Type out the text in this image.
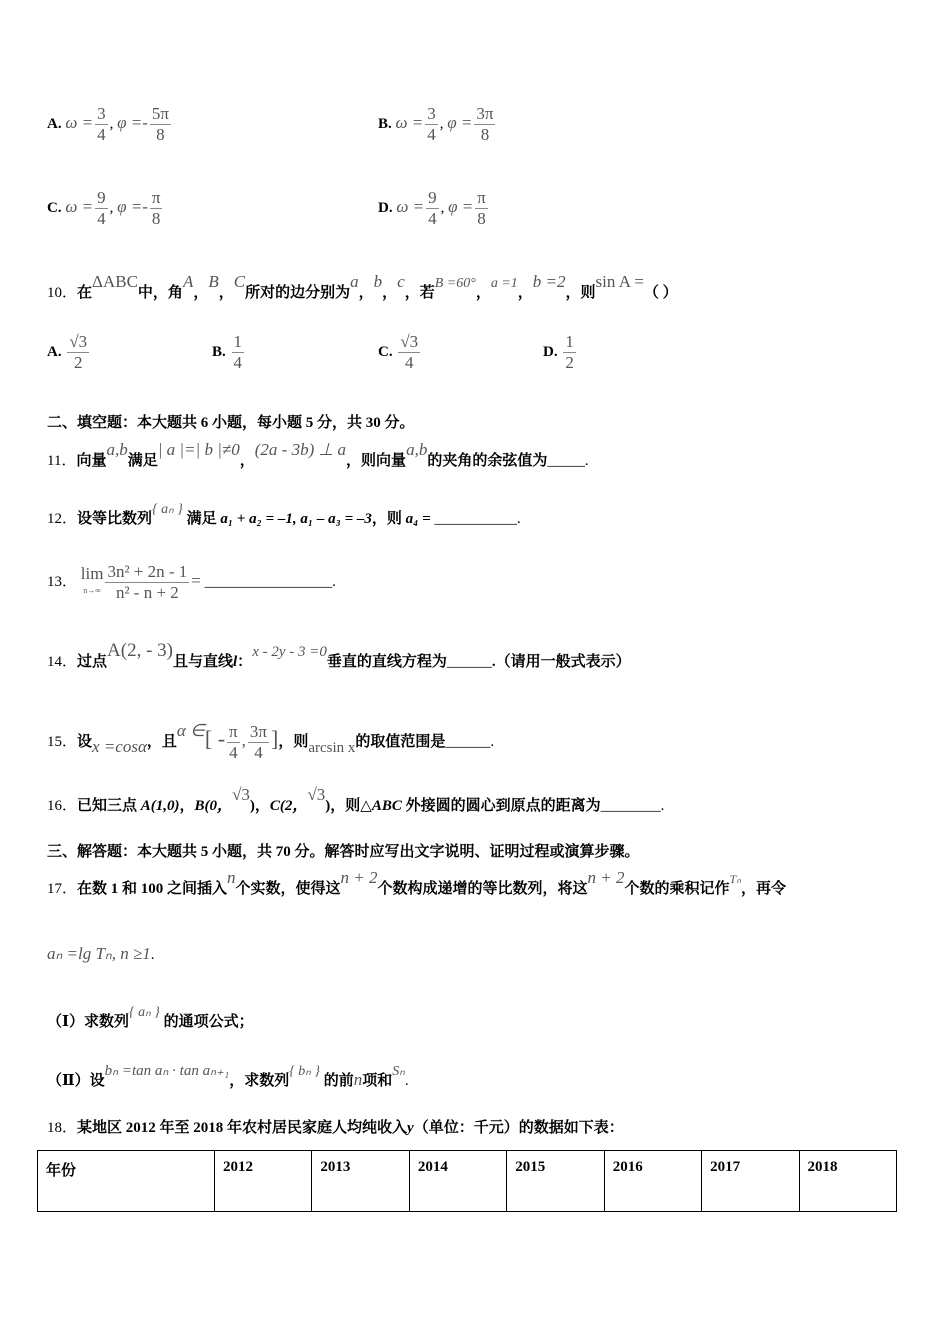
A. $\omega = \frac{3}{4}$ , $\varphi =- \frac{5\pi}{8}$	B. $\omega = \frac{3}{4}$ , $\varphi = \frac{3\pi}{8}$
C. $\omega = \frac{9}{4}$ , $\varphi =- \frac{\pi}{8}$	D. $\omega = \frac{9}{4}$ , $\varphi = \frac{\pi}{8}$
10．在ΔABC中，角A，B，C所对的边分别为a，b，c，若B =60°，a =1，b =2，则sin A =（ ）
A. $\frac{√3}{2}$	B. $\frac{1}{4}$	C. $\frac{√3}{4}$	D. $\frac{1}{2}$
二、填空题：本大题共 6 小题，每小题 5 分，共 30 分。
11．向量a,b满足| a |=| b |≠0，(2a - 3b) ⊥ a，则向量a,b的夹角的余弦值为_____.
12．设等比数列{ aₙ } 满足 a₁ + a₂ = –1, a₁ – a₃ = –3，则 a₄ = ___________.
13． lim
$n\to\infty \frac{\text{3n² + 2n - 1}}{\text{n² - n + 2}}$ = _________________.
14．过点A(2, - 3)且与直线l：x - 2y - 3 =0垂直的直线方程为______.（请用一般式表示）
15．设x =cosα，且α ∈[ - $\frac{\pi}{4}$ , $\frac{3\pi}{4}$ ]，则arcsin x的取值范围是______.
16．已知三点 A(1,0)，B(0，√3)，C(2，√3)，则△ABC 外接圆的圆心到原点的距离为________.
三、解答题：本大题共 5 小题，共 70 分。解答时应写出文字说明、证明过程或演算步骤。
17．在数 1 和 100 之间插入n个实数，使得这n + 2个数构成递增的等比数列，将这n + 2个数的乘积记作$^{T_n}$，再令
aₙ =lg Tₙ, n ≥1.
（Ⅰ）求数列{ aₙ } 的通项公式；
（Ⅱ）设bₙ =tan aₙ · tan aₙ₊₁，求数列{ bₙ } 的前n项和Sₙ.
18．某地区 2012 年至 2018 年农村居民家庭人均纯收入y（单位：千元）的数据如下表：
年份	2012	2013	2014	2015	2016	2017	2018
